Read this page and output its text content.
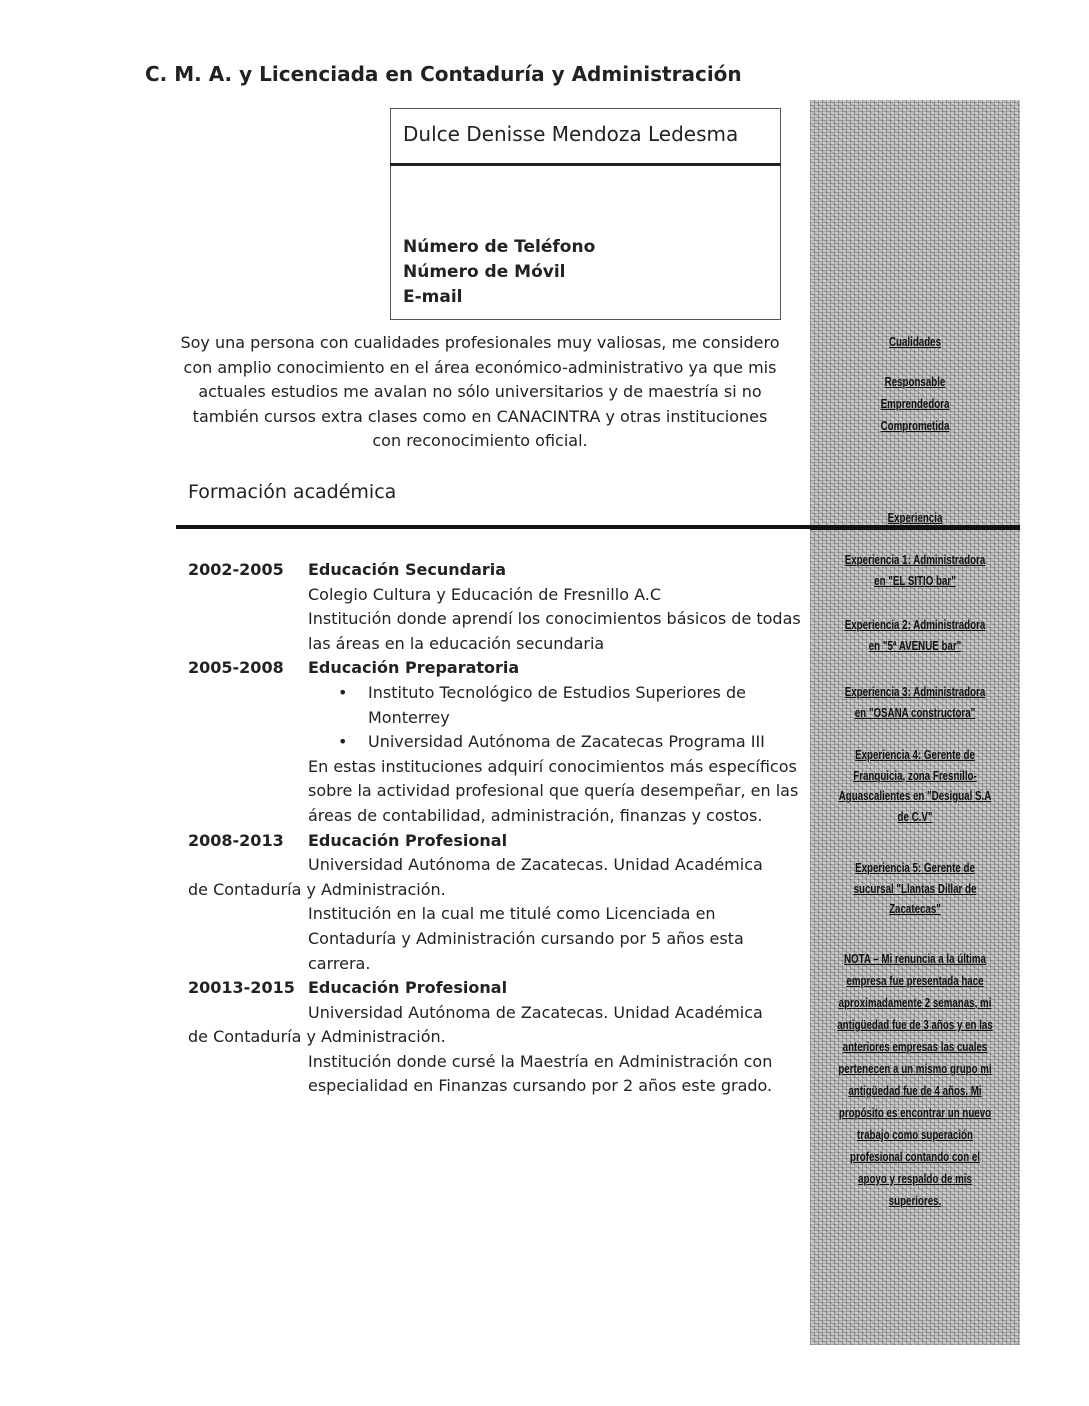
C. M. A. y Licenciada en Contaduría y Administración
Dulce Denisse Mendoza Ledesma
Número de Teléfono
Número de Móvil
E-mail
Soy una persona con cualidades profesionales muy valiosas, me considero con amplio conocimiento en el área económico-administrativo ya que mis actuales estudios me avalan no sólo universitarios y de maestría si no también cursos extra clases como en CANACINTRA y otras instituciones con reconocimiento oficial.
Formación académica
2002-2005	Educación Secundaria
Colegio Cultura y Educación de Fresnillo A.C
Institución donde aprendí los conocimientos básicos de todas las áreas en la educación secundaria
2005-2008	Educación Preparatoria
• Instituto Tecnológico de Estudios Superiores de Monterrey
• Universidad Autónoma de Zacatecas Programa III
En estas instituciones adquirí conocimientos más específicos sobre la actividad profesional que quería desempeñar, en las áreas de contabilidad, administración, finanzas y costos.
2008-2013	Educación Profesional
Universidad Autónoma de Zacatecas. Unidad Académica
de Contaduría y Administración.
Institución en la cual me titulé como Licenciada en Contaduría y Administración cursando por 5 años esta carrera.
20013-2015 Educación Profesional
Universidad Autónoma de Zacatecas. Unidad Académica
de Contaduría y Administración.
Institución donde cursé la Maestría en Administración con especialidad en Finanzas cursando por 2 años este grado.
Cualidades
Responsable
Emprendedora
Comprometida
Experiencia
Experiencia 1: Administradora en "EL SITIO bar"
Experiencia 2: Administradora en "5ª AVENUE bar"
Experiencia 3: Administradora en "OSANA constructora"
Experiencia 4: Gerente de Franquicia, zona Fresnillo-Aguascalientes en "Desigual S.A de C.V"
Experiencia 5: Gerente de sucursal "Llantas Dillar de Zacatecas"
NOTA – Mi renuncia a la última empresa fue presentada hace aproximadamente 2 semanas, mi antigüedad fue de 3 años y en las anteriores empresas las cuales pertenecen a un mismo grupo mi antigüedad fue de 4 años. Mi propósito es encontrar un nuevo trabajo como superación profesional contando con el apoyo y respaldo de mis superiores.
